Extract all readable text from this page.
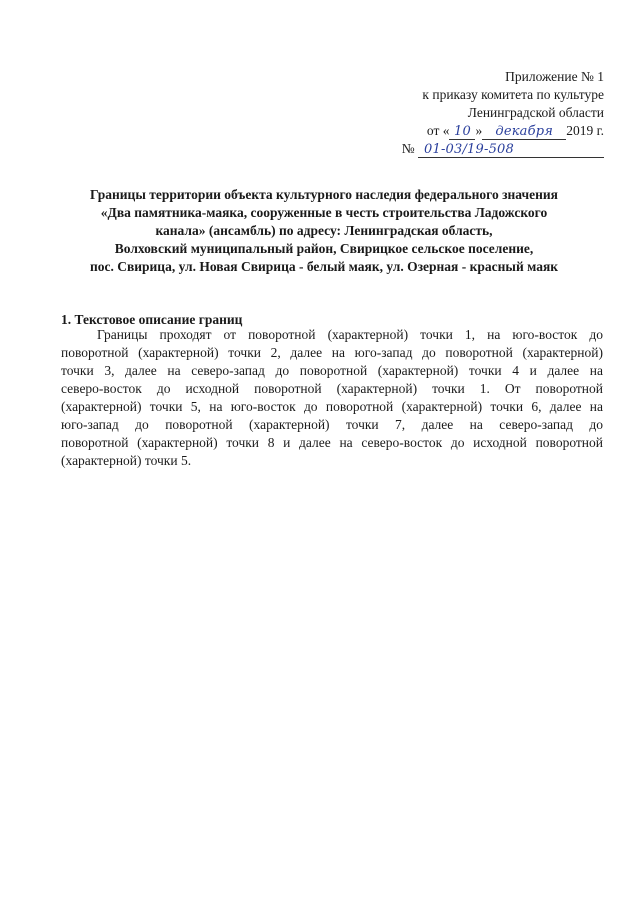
Приложение № 1
к приказу комитета по культуре
Ленинградской области
от « 10 » декабря 2019 г.
№ 01-03/19-508
Границы территории объекта культурного наследия федерального значения
«Два памятника-маяка, сооруженные в честь строительства Ладожского
канала» (ансамбль) по адресу: Ленинградская область,
Волховский муниципальный район, Свирицкое сельское поселение,
пос. Свирица, ул. Новая Свирица - белый маяк, ул. Озерная - красный маяк
1. Текстовое описание границ
Границы проходят от поворотной (характерной) точки 1, на юго-восток до
поворотной (характерной) точки 2, далее на юго-запад до поворотной (характерной)
точки 3, далее на северо-запад до поворотной (характерной) точки 4 и далее на
северо-восток до исходной поворотной (характерной) точки 1. От поворотной
(характерной) точки 5, на юго-восток до поворотной (характерной) точки 6, далее на
юго-запад до поворотной (характерной) точки 7, далее на северо-запад до
поворотной (характерной) точки 8 и далее на северо-восток до исходной поворотной
(характерной) точки 5.
